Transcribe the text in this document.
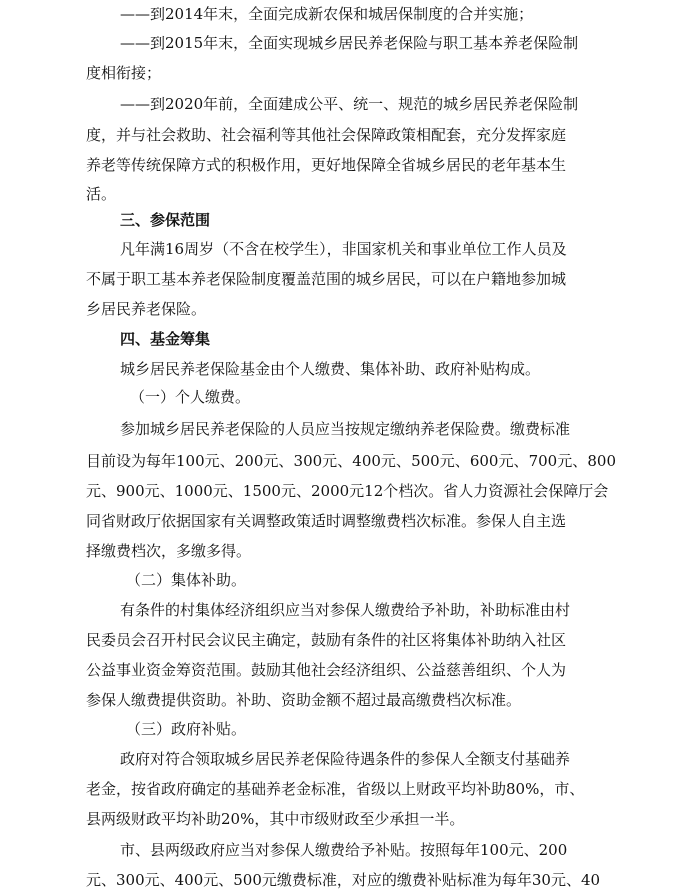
——到2014年末，全面完成新农保和城居保制度的合并实施；
——到2015年末，全面实现城乡居民养老保险与职工基本养老保险制
度相衔接；
——到2020年前，全面建成公平、统一、规范的城乡居民养老保险制
度，并与社会救助、社会福利等其他社会保障政策相配套，充分发挥家庭
养老等传统保障方式的积极作用，更好地保障全省城乡居民的老年基本生
活。
三、参保范围
凡年满16周岁（不含在校学生），非国家机关和事业单位工作人员及
不属于职工基本养老保险制度覆盖范围的城乡居民，可以在户籍地参加城
乡居民养老保险。
四、基金筹集
城乡居民养老保险基金由个人缴费、集体补助、政府补贴构成。
（一）个人缴费。
参加城乡居民养老保险的人员应当按规定缴纳养老保险费。缴费标准
目前设为每年100元、 200元、 300元、 400元、 500元、 600元、 700元、 800
元、900元、1000元、1500元、2000元12个档次。省人力资源社会保障厅会
同省财政厅依据国家有关调整政策适时调整缴费档次标准。参保人自主选
择缴费档次，多缴多得。
（二）集体补助。
有条件的村集体经济组织应当对参保人缴费给予补助，补助标准由村
民委员会召开村民会议民主确定，鼓励有条件的社区将集体补助纳入社区
公益事业资金筹资范围。鼓励其他社会经济组织、公益慈善组织、个人为
参保人缴费提供资助。补助、资助金额不超过最高缴费档次标准。
（三）政府补贴。
政府对符合领取城乡居民养老保险待遇条件的参保人全额支付基础养
老金，按省政府确定的基础养老金标准，省级以上财政平均补助80%，市、
县两级财政平均补助20%，其中市级财政至少承担一半。
市、县两级政府应当对参保人缴费给予补贴。按照每年100元、200
元、300元、400元、500元缴费标准，对应的缴费补贴标准为每年30元、40
